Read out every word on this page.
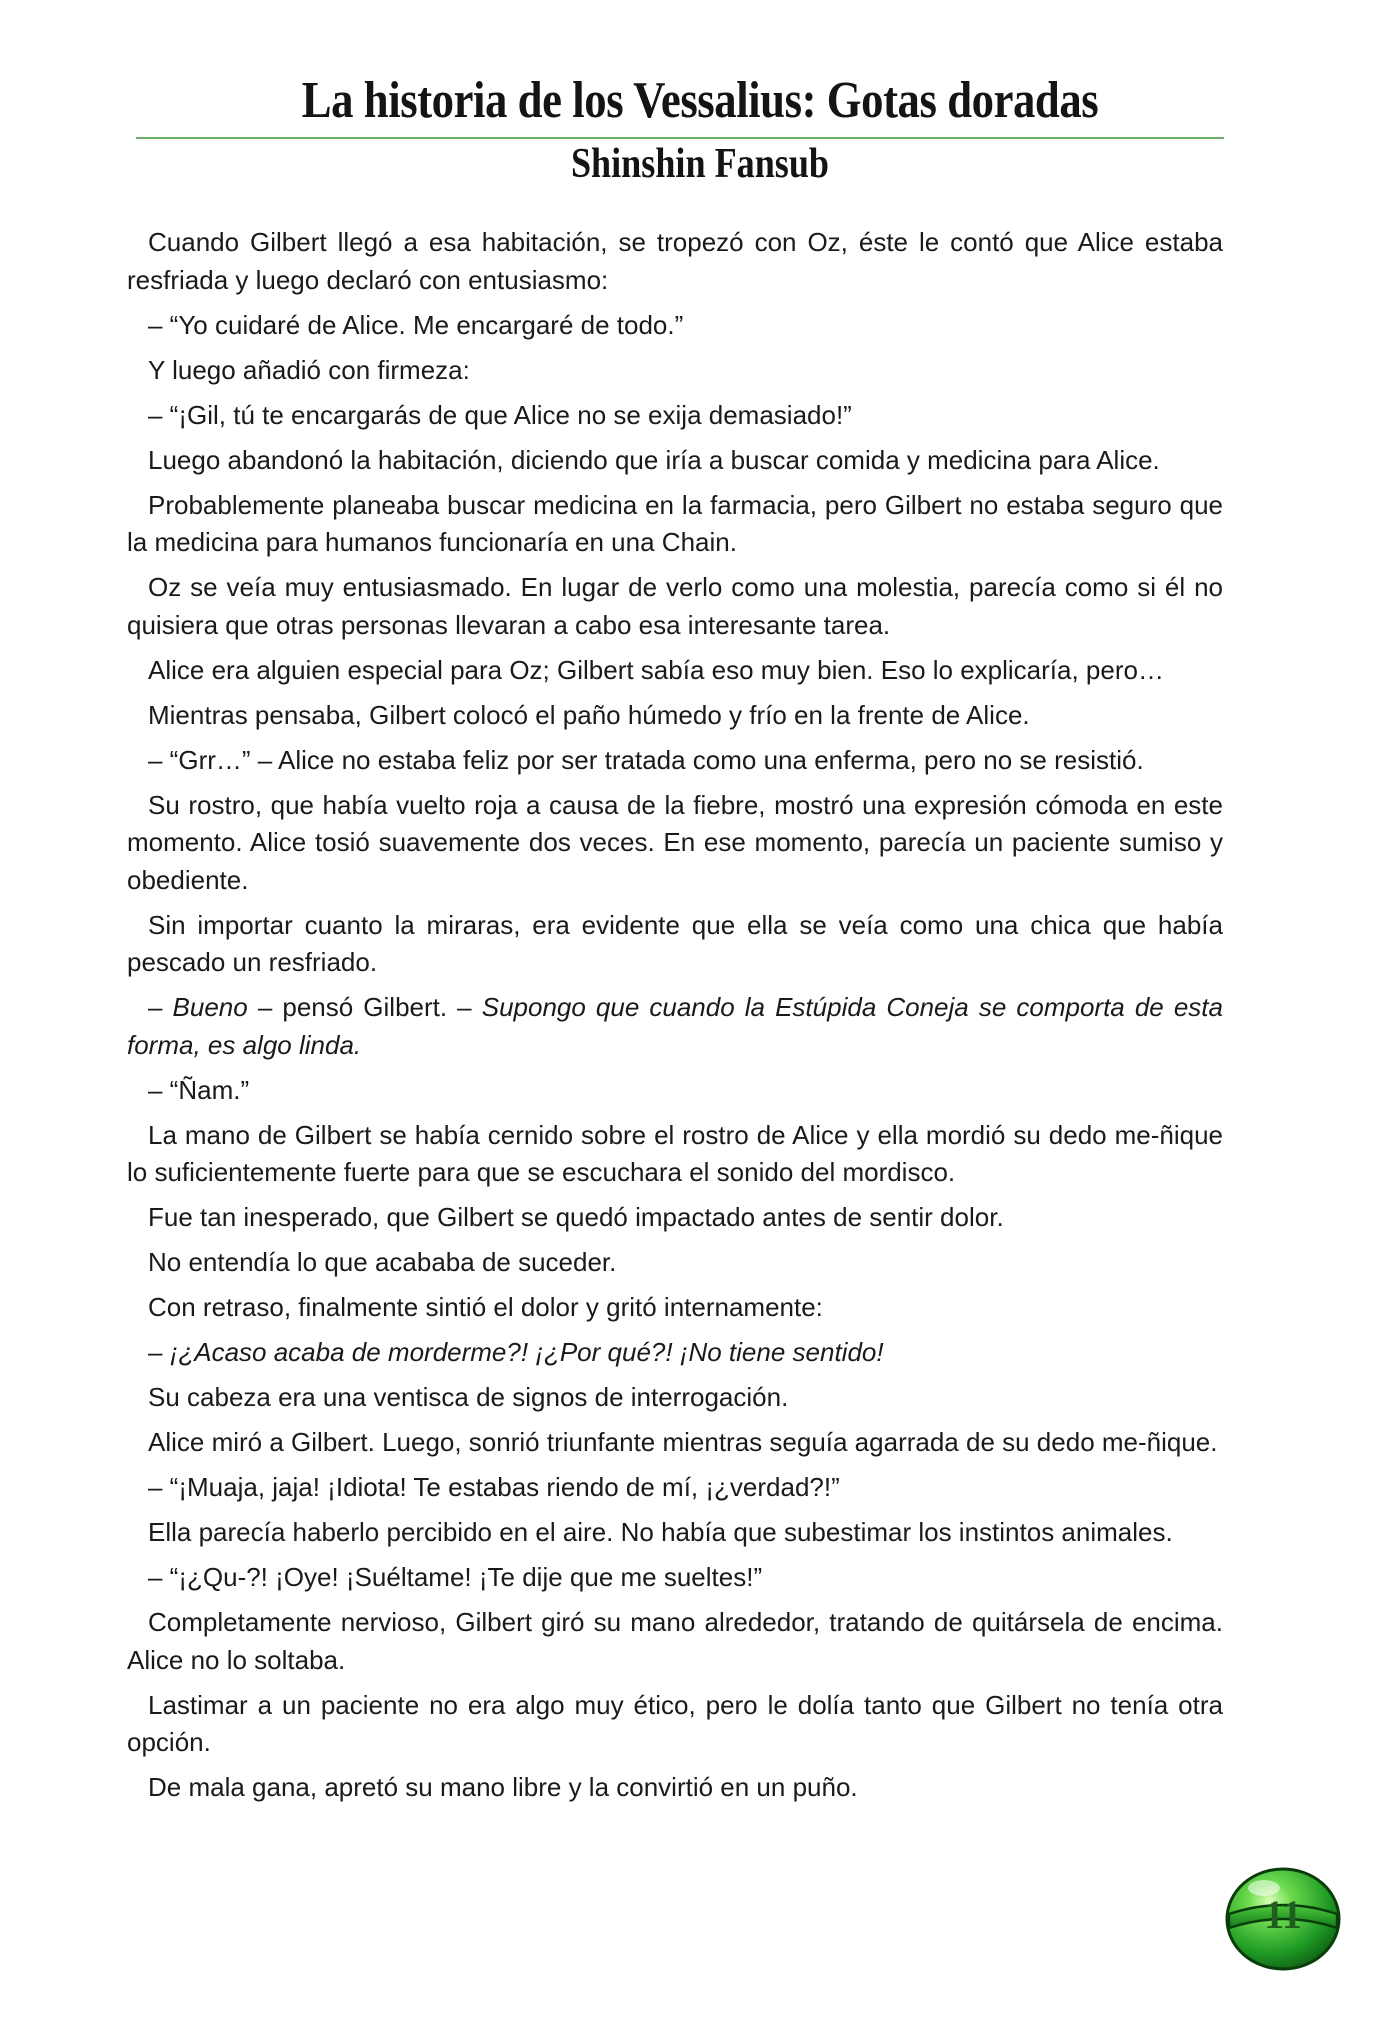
La historia de los Vessalius: Gotas doradas
Shinshin Fansub

Cuando Gilbert llegó a esa habitación, se tropezó con Oz, éste le contó que Alice estaba resfriada y luego declaró con entusiasmo:

– “Yo cuidaré de Alice. Me encargaré de todo.”

Y luego añadió con firmeza:

– “¡Gil, tú te encargarás de que Alice no se exija demasiado!”

Luego abandonó la habitación, diciendo que iría a buscar comida y medicina para Alice.

Probablemente planeaba buscar medicina en la farmacia, pero Gilbert no estaba seguro que la medicina para humanos funcionaría en una Chain.

Oz se veía muy entusiasmado. En lugar de verlo como una molestia, parecía como si él no quisiera que otras personas llevaran a cabo esa interesante tarea.

Alice era alguien especial para Oz; Gilbert sabía eso muy bien. Eso lo explicaría, pero…

Mientras pensaba, Gilbert colocó el paño húmedo y frío en la frente de Alice.

– “Grr…” – Alice no estaba feliz por ser tratada como una enferma, pero no se resistió.

Su rostro, que había vuelto roja a causa de la fiebre, mostró una expresión cómoda en este momento. Alice tosió suavemente dos veces. En ese momento, parecía un paciente sumiso y obediente.

Sin importar cuanto la miraras, era evidente que ella se veía como una chica que había pescado un resfriado.

– Bueno – pensó Gilbert. – Supongo que cuando la Estúpida Coneja se comporta de esta forma, es algo linda.

– “Ñam.”

La mano de Gilbert se había cernido sobre el rostro de Alice y ella mordió su dedo me-ñique lo suficientemente fuerte para que se escuchara el sonido del mordisco.

Fue tan inesperado, que Gilbert se quedó impactado antes de sentir dolor.

No entendía lo que acababa de suceder.

Con retraso, finalmente sintió el dolor y gritó internamente:

– ¡¿Acaso acaba de morderme?! ¡¿Por qué?! ¡No tiene sentido!

Su cabeza era una ventisca de signos de interrogación.

Alice miró a Gilbert. Luego, sonrió triunfante mientras seguía agarrada de su dedo me-ñique.

– “¡Muaja, jaja! ¡Idiota! Te estabas riendo de mí, ¡¿verdad?!”

Ella parecía haberlo percibido en el aire. No había que subestimar los instintos animales.

– “¡¿Qu-?! ¡Oye! ¡Suéltame! ¡Te dije que me sueltes!”

Completamente nervioso, Gilbert giró su mano alrededor, tratando de quitársela de encima. Alice no lo soltaba.

Lastimar a un paciente no era algo muy ético, pero le dolía tanto que Gilbert no tenía otra opción.

De mala gana, apretó su mano libre y la convirtió en un puño.

11
